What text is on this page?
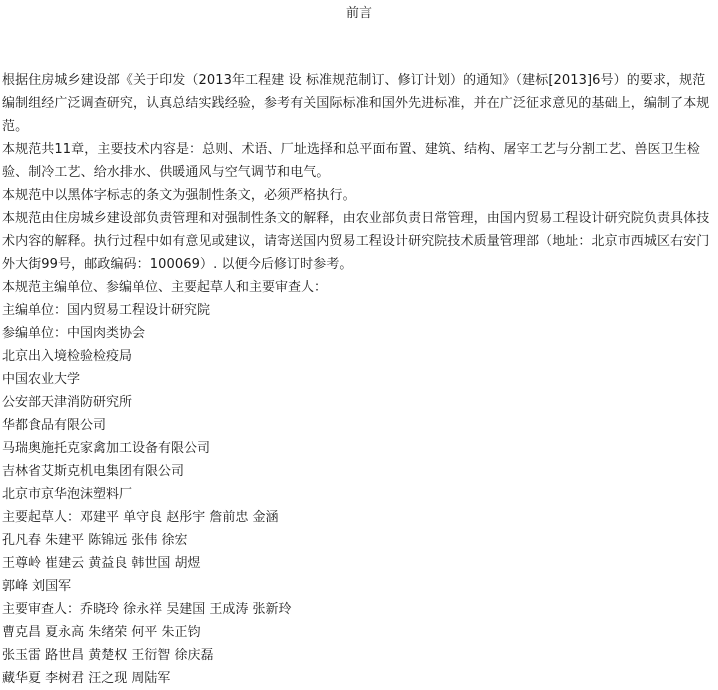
前言

根据住房城乡建设部《关于印发（2013年工程建 设 标准规范制订、修订计划）的通知》（建标[2013]6号）的要求，规范编制组经广泛调查研究，认真总结实践经验，参考有关国际标准和国外先进标准，并在广泛征求意见的基础上，编制了本规范。

本规范共11章，主要技术内容是：总则、术语、厂址选择和总平面布置、建筑、结构、屠宰工艺与分割工艺、兽医卫生检验、制冷工艺、给水排水、供暖通风与空气调节和电气。

本规范中以黑体字标志的条文为强制性条文，必须严格执行。

本规范由住房城乡建设部负责管理和对强制性条文的解释，由农业部负责日常管理，由国内贸易工程设计研究院负责具体技术内容的解释。执行过程中如有意见或建议，请寄送国内贸易工程设计研究院技术质量管理部（地址：北京市西城区右安门外大街99号，邮政编码：100069）. 以便今后修订时参考。

本规范主编单位、参编单位、主要起草人和主要审查人：

主编单位：国内贸易工程设计研究院

参编单位：中国肉类协会

北京出入境检验检疫局

中国农业大学

公安部天津消防研究所

华都食品有限公司

马瑞奥施托克家禽加工设备有限公司

吉林省艾斯克机电集团有限公司

北京市京华泡沫塑料厂

主要起草人：邓建平 单守良 赵彤宇 詹前忠 金涵

孔凡春 朱建平 陈锦远 张伟 徐宏

王尊岭 崔建云 黄益良 韩世国 胡煜

郭峰 刘国军

主要审查人：乔晓玲 徐永祥 吴建国 王成涛 张新玲

曹克昌 夏永高 朱绪荣 何平 朱正钧

张玉雷 路世昌 黄楚权 王衍智 徐庆磊

藏华夏 李树君 汪之现 周陆军
